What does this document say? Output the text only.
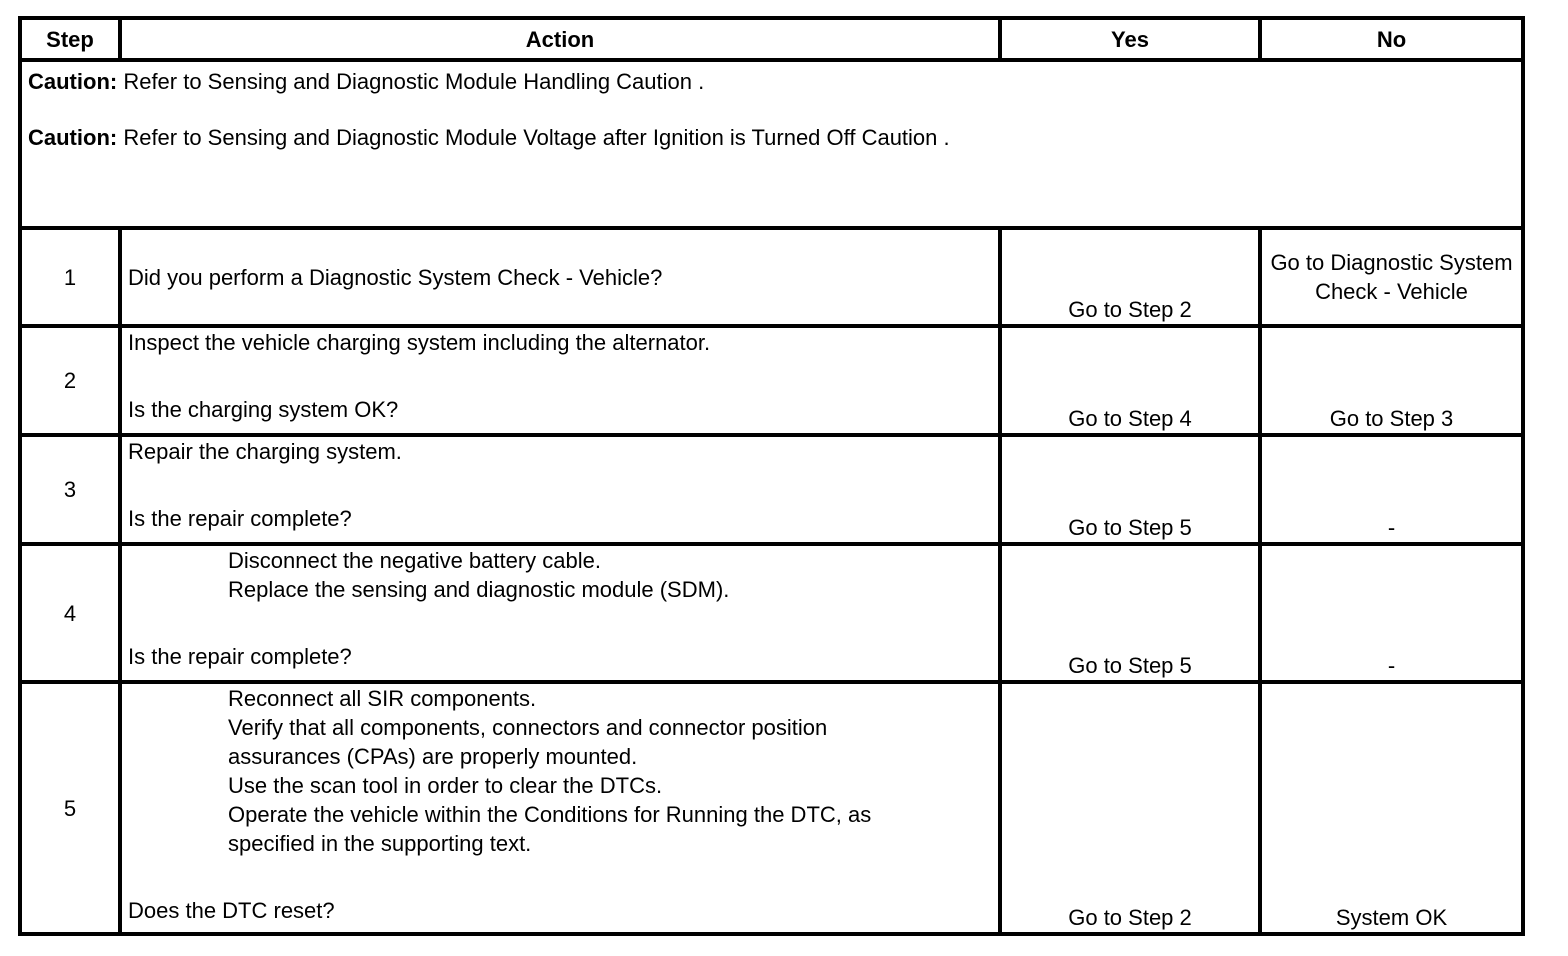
Step	Action	Yes	No

Caution: Refer to Sensing and Diagnostic Module Handling Caution .

Caution: Refer to Sensing and Diagnostic Module Voltage after Ignition is Turned Off Caution .			

1	Did you perform a Diagnostic System Check - Vehicle?	Go to Step 2	Go to Diagnostic System Check - Vehicle
2	Inspect the vehicle charging system including the alternator.
Is the charging system OK?	Go to Step 4	Go to Step 3
3	Repair the charging system.
Is the repair complete?	Go to Step 5	-
4	Disconnect the negative battery cable.
Replace the sensing and diagnostic module (SDM).
Is the repair complete?	Go to Step 5	-
5	Reconnect all SIR components.
Verify that all components, connectors and connector position assurances (CPAs) are properly mounted.
Use the scan tool in order to clear the DTCs.
Operate the vehicle within the Conditions for Running the DTC, as specified in the supporting text.
Does the DTC reset?	Go to Step 2	System OK
